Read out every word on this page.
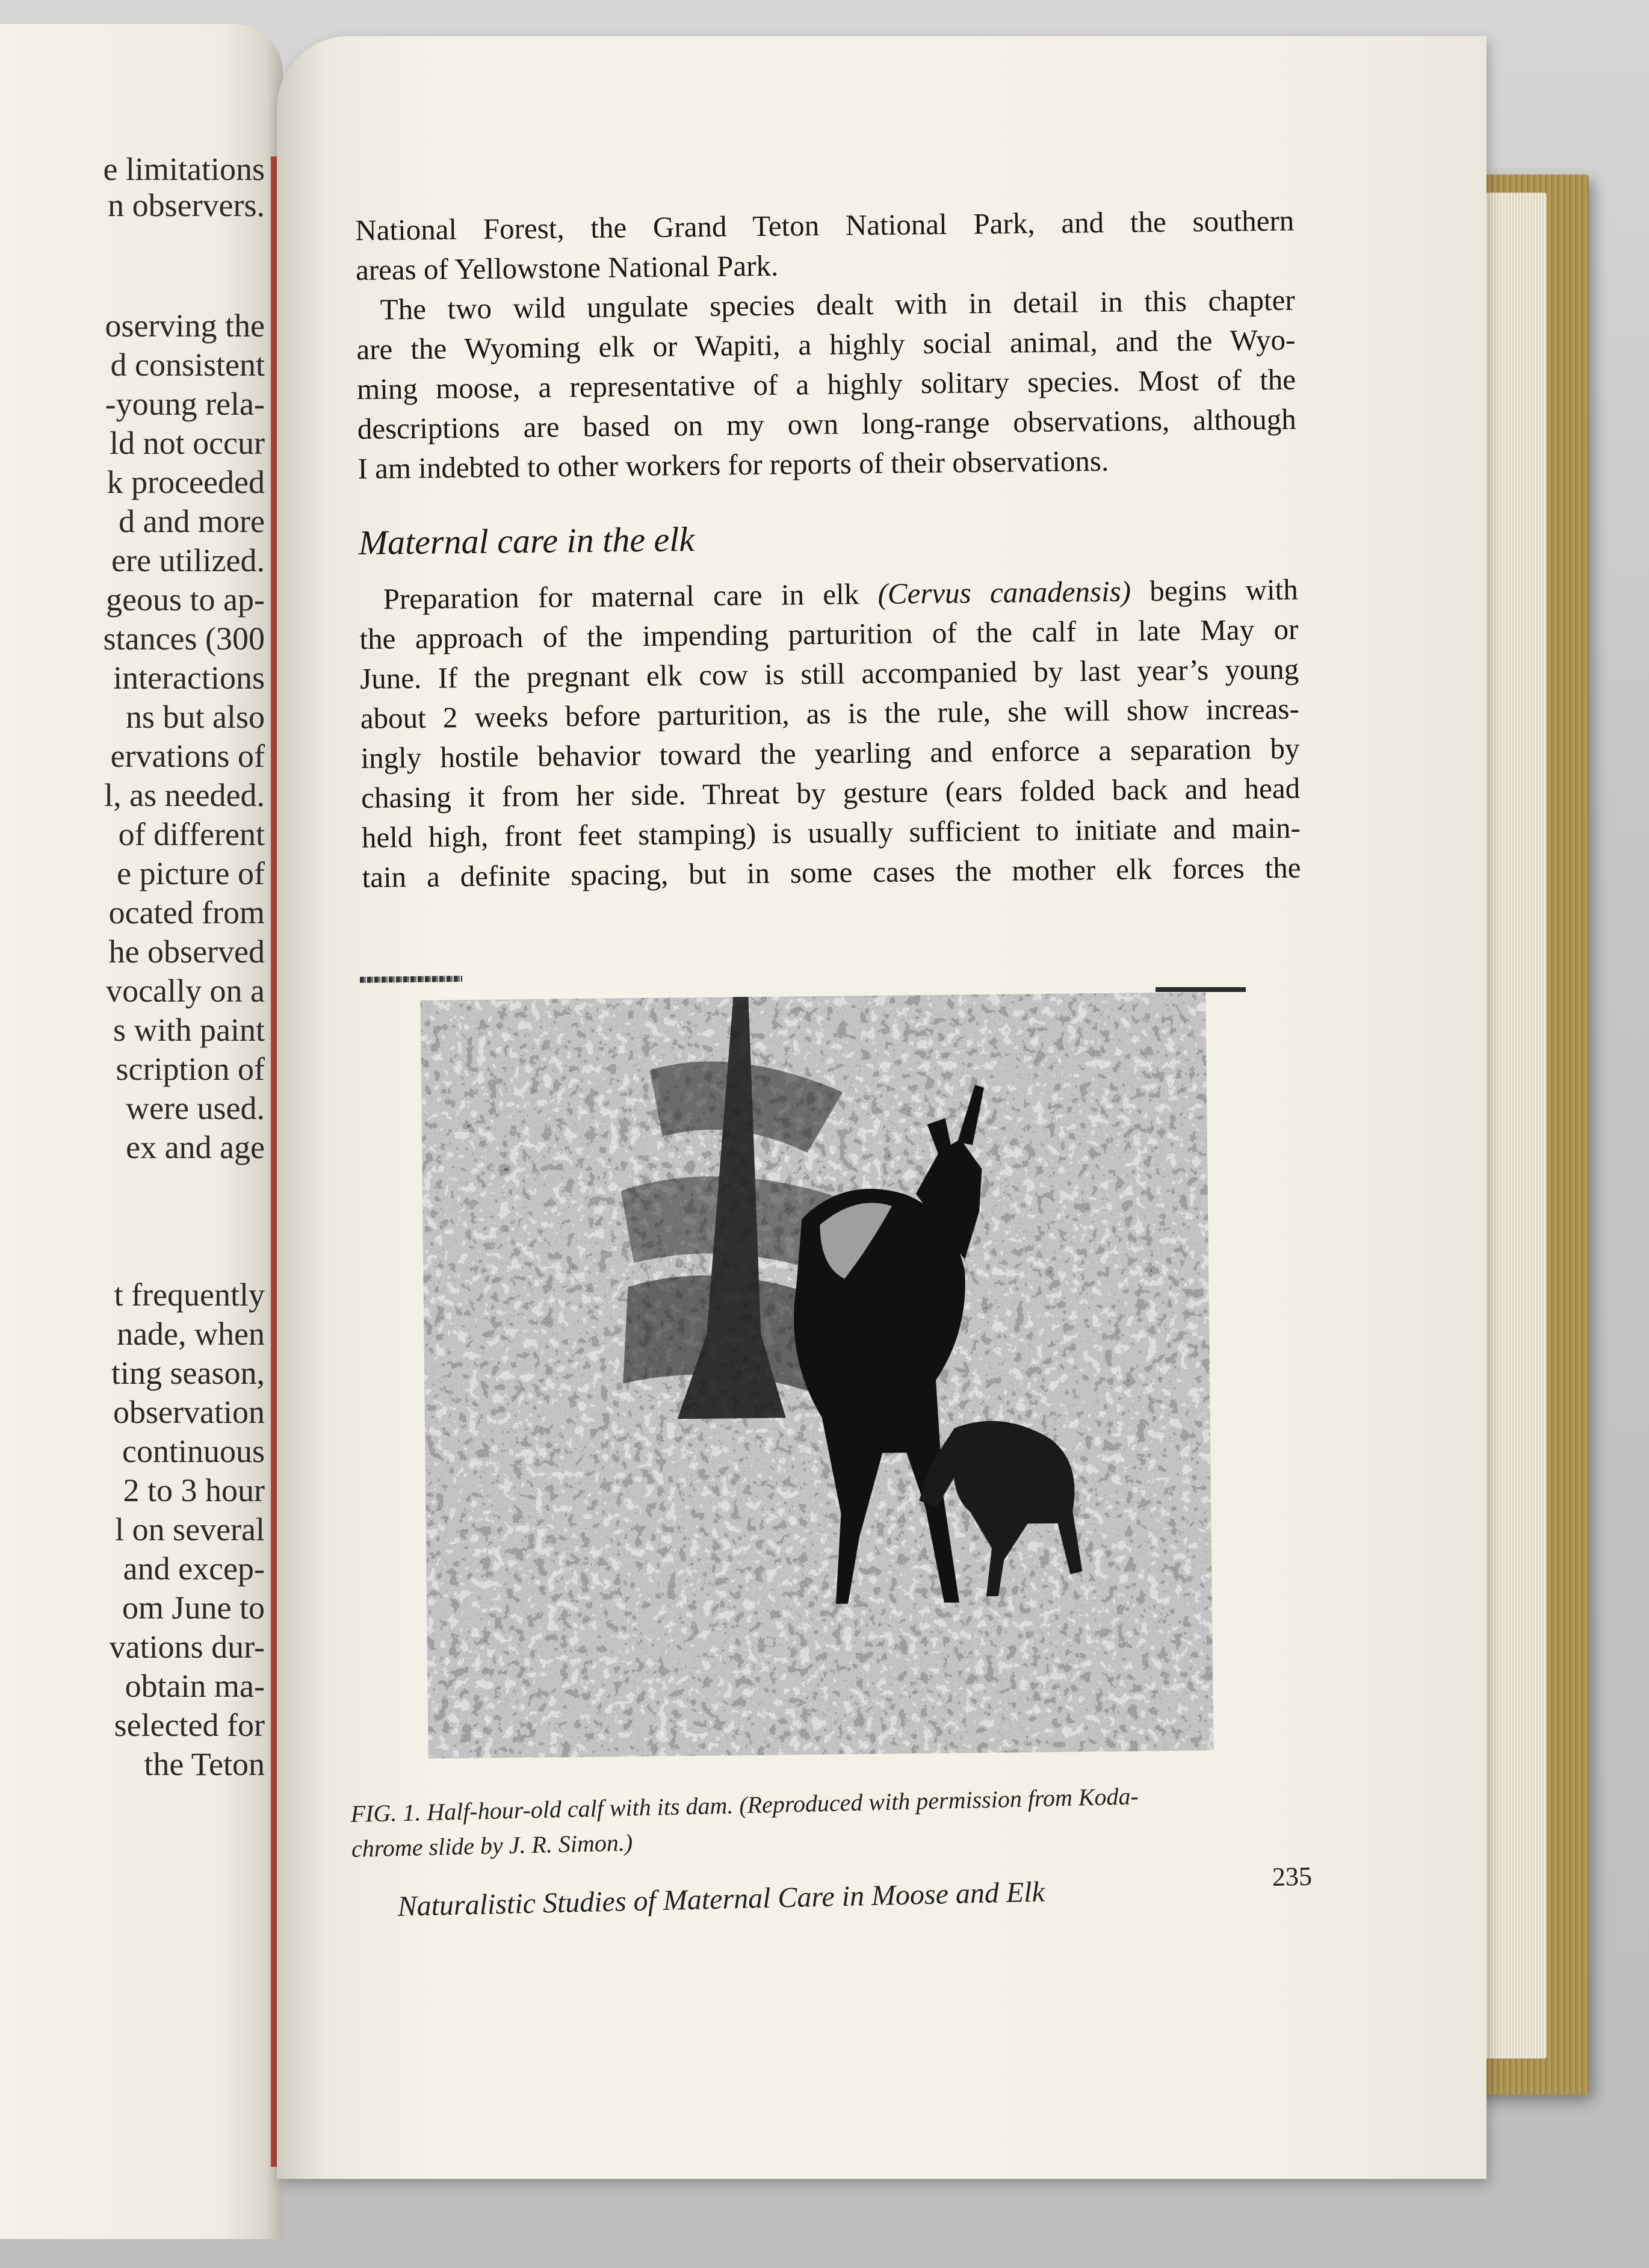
e limitations
n observers.
oserving the
d consistent
-young rela-
ld not occur
k proceeded
d and more
ere utilized.
geous to ap-
stances (300
interactions
ns but also
ervations of
l, as needed.
of different
e picture of
ocated from
he observed
vocally on a
s with paint
scription of
were used.
ex and age
t frequently
nade, when
ting season,
observation
continuous
2 to 3 hour
l on several
and excep-
om June to
vations dur-
obtain ma-
selected for
the Teton

National Forest, the Grand Teton National Park, and the southern

areas of Yellowstone National Park.

The two wild ungulate species dealt with in detail in this chapter

are the Wyoming elk or Wapiti, a highly social animal, and the Wyo-

ming moose, a representative of a highly solitary species. Most of the

descriptions are based on my own long-range observations, although

I am indebted to other workers for reports of their observations.

Maternal care in the elk

Preparation for maternal care in elk (Cervus canadensis) begins with

the approach of the impending parturition of the calf in late May or

June. If the pregnant elk cow is still accompanied by last year’s young

about 2 weeks before parturition, as is the rule, she will show increas-

ingly hostile behavior toward the yearling and enforce a separation by

chasing it from her side. Threat by gesture (ears folded back and head

held high, front feet stamping) is usually sufficient to initiate and main-

tain a definite spacing, but in some cases the mother elk forces the

FIG. 1. Half-hour-old calf with its dam. (Reproduced with permission from Koda-
chrome slide by J. R. Simon.)
Naturalistic Studies of Maternal Care in Moose and Elk	235
